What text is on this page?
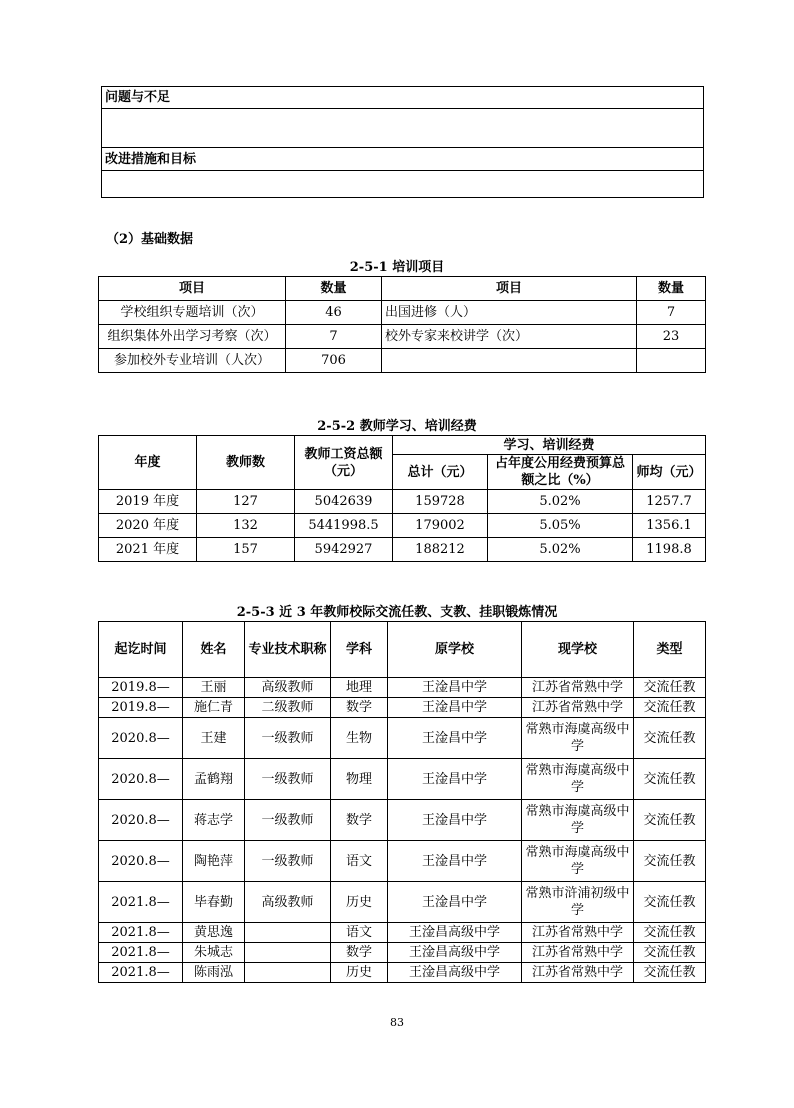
问题与不足

改进措施和目标

（2）基础数据
2-5-1 培训项目
项目	数量	项目	数量
学校组织专题培训（次）	46	出国进修（人）	7
组织集体外出学习考察（次）	7	校外专家来校讲学（次）	23
参加校外专业培训（人次）	706		
2-5-2 教师学习、培训经费
年度	教师数	教师工资总额（元）	学习、培训经费		
			总计（元）	占年度公用经费预算总额之比（%）	师均（元）
2019 年度	127	5042639	159728	5.02%	1257.7
2020 年度	132	5441998.5	179002	5.05%	1356.1
2021 年度	157	5942927	188212	5.02%	1198.8
2-5-3 近 3 年教师校际交流任教、支教、挂职锻炼情况
起讫时间	姓名	专业技术职称	学科	原学校	现学校	类型
2019.8—	王丽	高级教师	地理	王淦昌中学	江苏省常熟中学	交流任教
2019.8—	施仁青	二级教师	数学	王淦昌中学	江苏省常熟中学	交流任教
2020.8—	王建	一级教师	生物	王淦昌中学	常熟市海虞高级中学	交流任教
2020.8—	孟鹤翔	一级教师	物理	王淦昌中学	常熟市海虞高级中学	交流任教
2020.8—	蒋志学	一级教师	数学	王淦昌中学	常熟市海虞高级中学	交流任教
2020.8—	陶艳萍	一级教师	语文	王淦昌中学	常熟市海虞高级中学	交流任教
2021.8—	毕春勤	高级教师	历史	王淦昌中学	常熟市浒浦初级中学	交流任教
2021.8—	黄思逸		语文	王淦昌高级中学	江苏省常熟中学	交流任教
2021.8—	朱城志		数学	王淦昌高级中学	江苏省常熟中学	交流任教
2021.8—	陈雨泓		历史	王淦昌高级中学	江苏省常熟中学	交流任教
83
